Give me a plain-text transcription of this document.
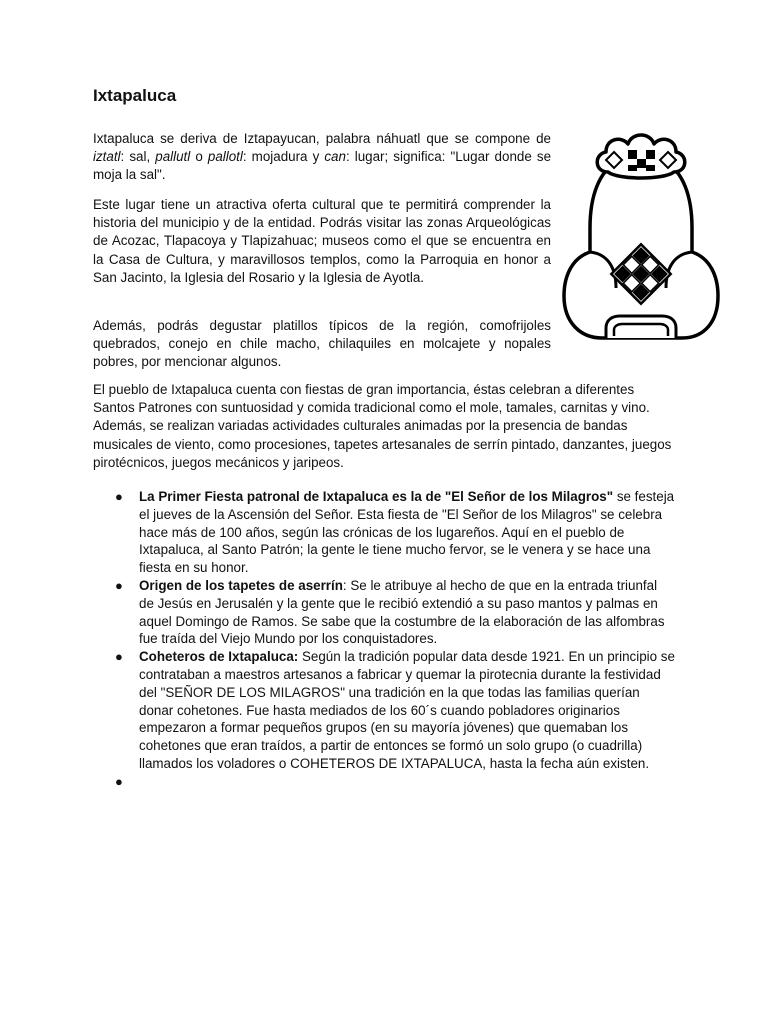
Ixtapaluca

Ixtapaluca se deriva de Iztapayucan, palabra náhuatl que se compone de iztatl: sal, pallutl o pallotl: mojadura y can: lugar; significa: "Lugar donde se moja la sal".

Este lugar tiene un atractiva oferta cultural que te permitirá comprender la historia del municipio y de la entidad. Podrás visitar las zonas Arqueológicas de Acozac, Tlapacoya y Tlapizahuac; museos como el que se encuentra en la Casa de Cultura, y maravillosos templos, como la Parroquia en honor a San Jacinto, la Iglesia del Rosario y la Iglesia de Ayotla.

Además, podrás degustar platillos típicos de la región, comofrijoles quebrados, conejo en chile macho, chilaquiles en molcajete y nopales pobres, por mencionar algunos.

El pueblo de Ixtapaluca cuenta con fiestas de gran importancia, éstas celebran a diferentes Santos Patrones con suntuosidad y comida tradicional como el mole, tamales, carnitas y vino. Además, se realizan variadas actividades culturales animadas por la presencia de bandas musicales de viento, como procesiones, tapetes artesanales de serrín pintado, danzantes, juegos pirotécnicos, juegos mecánicos y jaripeos.

● La Primer Fiesta patronal de Ixtapaluca es la de "El Señor de los Milagros" se festeja el jueves de la Ascensión del Señor. Esta fiesta de "El Señor de los Milagros" se celebra hace más de 100 años, según las crónicas de los lugareños. Aquí en el pueblo de Ixtapaluca, al Santo Patrón; la gente le tiene mucho fervor, se le venera y se hace una fiesta en su honor.
● Origen de los tapetes de aserrín: Se le atribuye al hecho de que en la entrada triunfal de Jesús en Jerusalén y la gente que le recibió extendió a su paso mantos y palmas en aquel Domingo de Ramos. Se sabe que la costumbre de la elaboración de las alfombras fue traída del Viejo Mundo por los conquistadores.
● Coheteros de Ixtapaluca: Según la tradición popular data desde 1921. En un principio se contrataban a maestros artesanos a fabricar y quemar la pirotecnia durante la festividad del "SEÑOR DE LOS MILAGROS" una tradición en la que todas las familias querían donar cohetones. Fue hasta mediados de los 60´s cuando pobladores originarios empezaron a formar pequeños grupos (en su mayoría jóvenes) que quemaban los cohetones que eran traídos, a partir de entonces se formó un solo grupo (o cuadrilla) llamados los voladores o COHETEROS DE IXTAPALUCA, hasta la fecha aún existen.
●
